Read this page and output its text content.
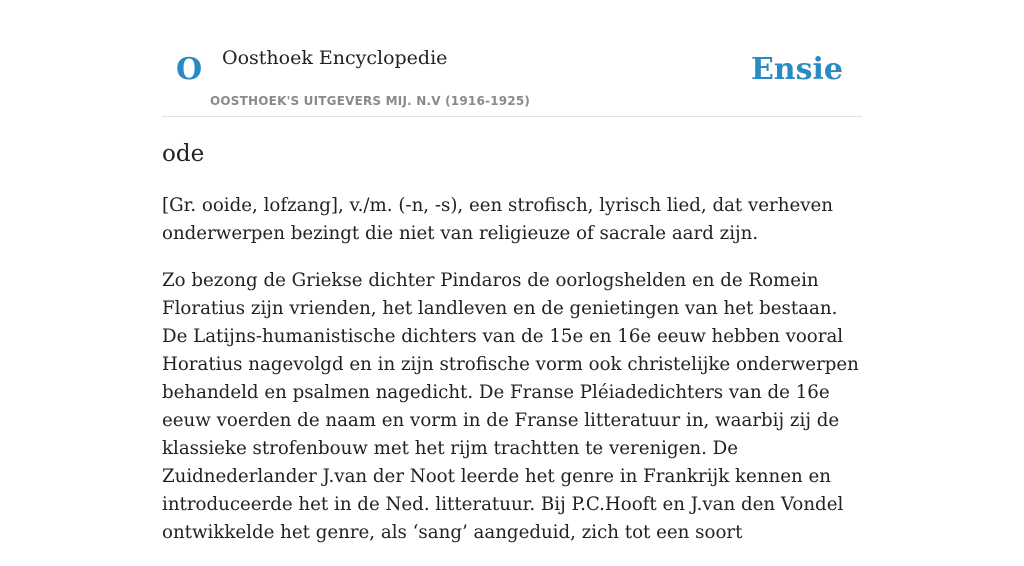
O Oosthoek Encyclopedie
OOSTHOEK'S UITGEVERS MIJ. N.V (1916-1925)
Ensie
ode

[Gr. ooide, lofzang], v./m. (-n, -s), een strofisch, lyrisch lied, dat verheven onderwerpen bezingt die niet van religieuze of sacrale aard zijn.

Zo bezong de Griekse dichter Pindaros de oorlogshelden en de Romein Floratius zijn vrienden, het landleven en de genietingen van het bestaan. De Latijns-humanistische dichters van de 15e en 16e eeuw hebben vooral Horatius nagevolgd en in zijn strofische vorm ook christelijke onderwerpen behandeld en psalmen nagedicht. De Franse Pléiadedichters van de 16e eeuw voerden de naam en vorm in de Franse litteratuur in, waarbij zij de klassieke strofenbouw met het rijm trachtten te verenigen. De Zuidnederlander J.van der Noot leerde het genre in Frankrijk kennen en introduceerde het in de Ned. litteratuur. Bij P.C.Hooft en J.van den Vondel ontwikkelde het genre, als ‘sang’ aangeduid, zich tot een soort
